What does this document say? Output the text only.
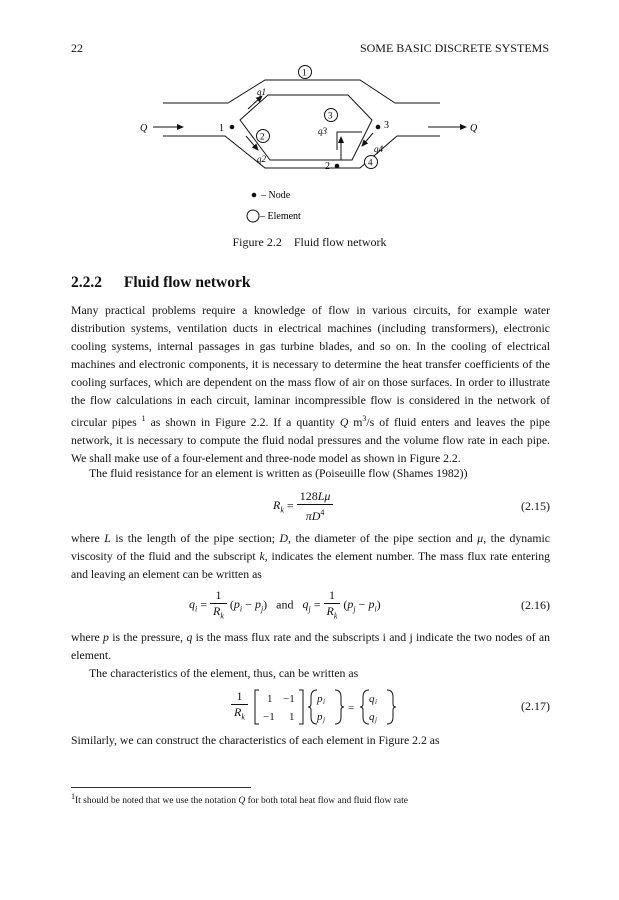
22	SOME BASIC DISCRETE SYSTEMS
Q	Q
1
2
3
1
2
3
4
q1
q2
q3
q4
– Node
– Element
Figure 2.2 Fluid flow network
2.2.2 Fluid flow network

Many practical problems require a knowledge of flow in various circuits, for example water distribution systems, ventilation ducts in electrical machines (including transformers), electronic cooling systems, internal passages in gas turbine blades, and so on. In the cooling of electrical machines and electronic components, it is necessary to determine the heat transfer coefficients of the cooling surfaces, which are dependent on the mass flow of air on those surfaces. In order to illustrate the flow calculations in each circuit, laminar incompressible flow is considered in the network of circular pipes $^1$ as shown in Figure 2.2. If a quantity Q $m^3/s$ of fluid enters and leaves the pipe network, it is necessary to compute the fluid nodal pressures and the volume flow rate in each pipe. We shall make use of a four-element and three-node model as shown in Figure 2.2.

The fluid resistance for an element is written as (Poiseuille flow (Shames 1982))

$R_k = \frac{128L\mu}{\pi D^4}$	(2.15)

where L is the length of the pipe section; D, the diameter of the pipe section and μ, the dynamic viscosity of the fluid and the subscript k, indicates the element number. The mass flux rate entering and leaving an element can be written as

$q_i = \frac{1}{R_k} (p_i - p_j)$   and $q_j = \frac{1}{R_k} (p_j - p_i)$	(2.16)

where p is the pressure, q is the mass flux rate and the subscripts i and j indicate the two nodes of an element.

The characteristics of the element, thus, can be written as

$\frac{1}{R_k}$
1 −1
−1 1
p i
p j
=
q i
q j
(2.17)

Similarly, we can construct the characteristics of each element in Figure 2.2 as

$^1$It should be noted that we use the notation Q for both total heat flow and fluid flow rate
